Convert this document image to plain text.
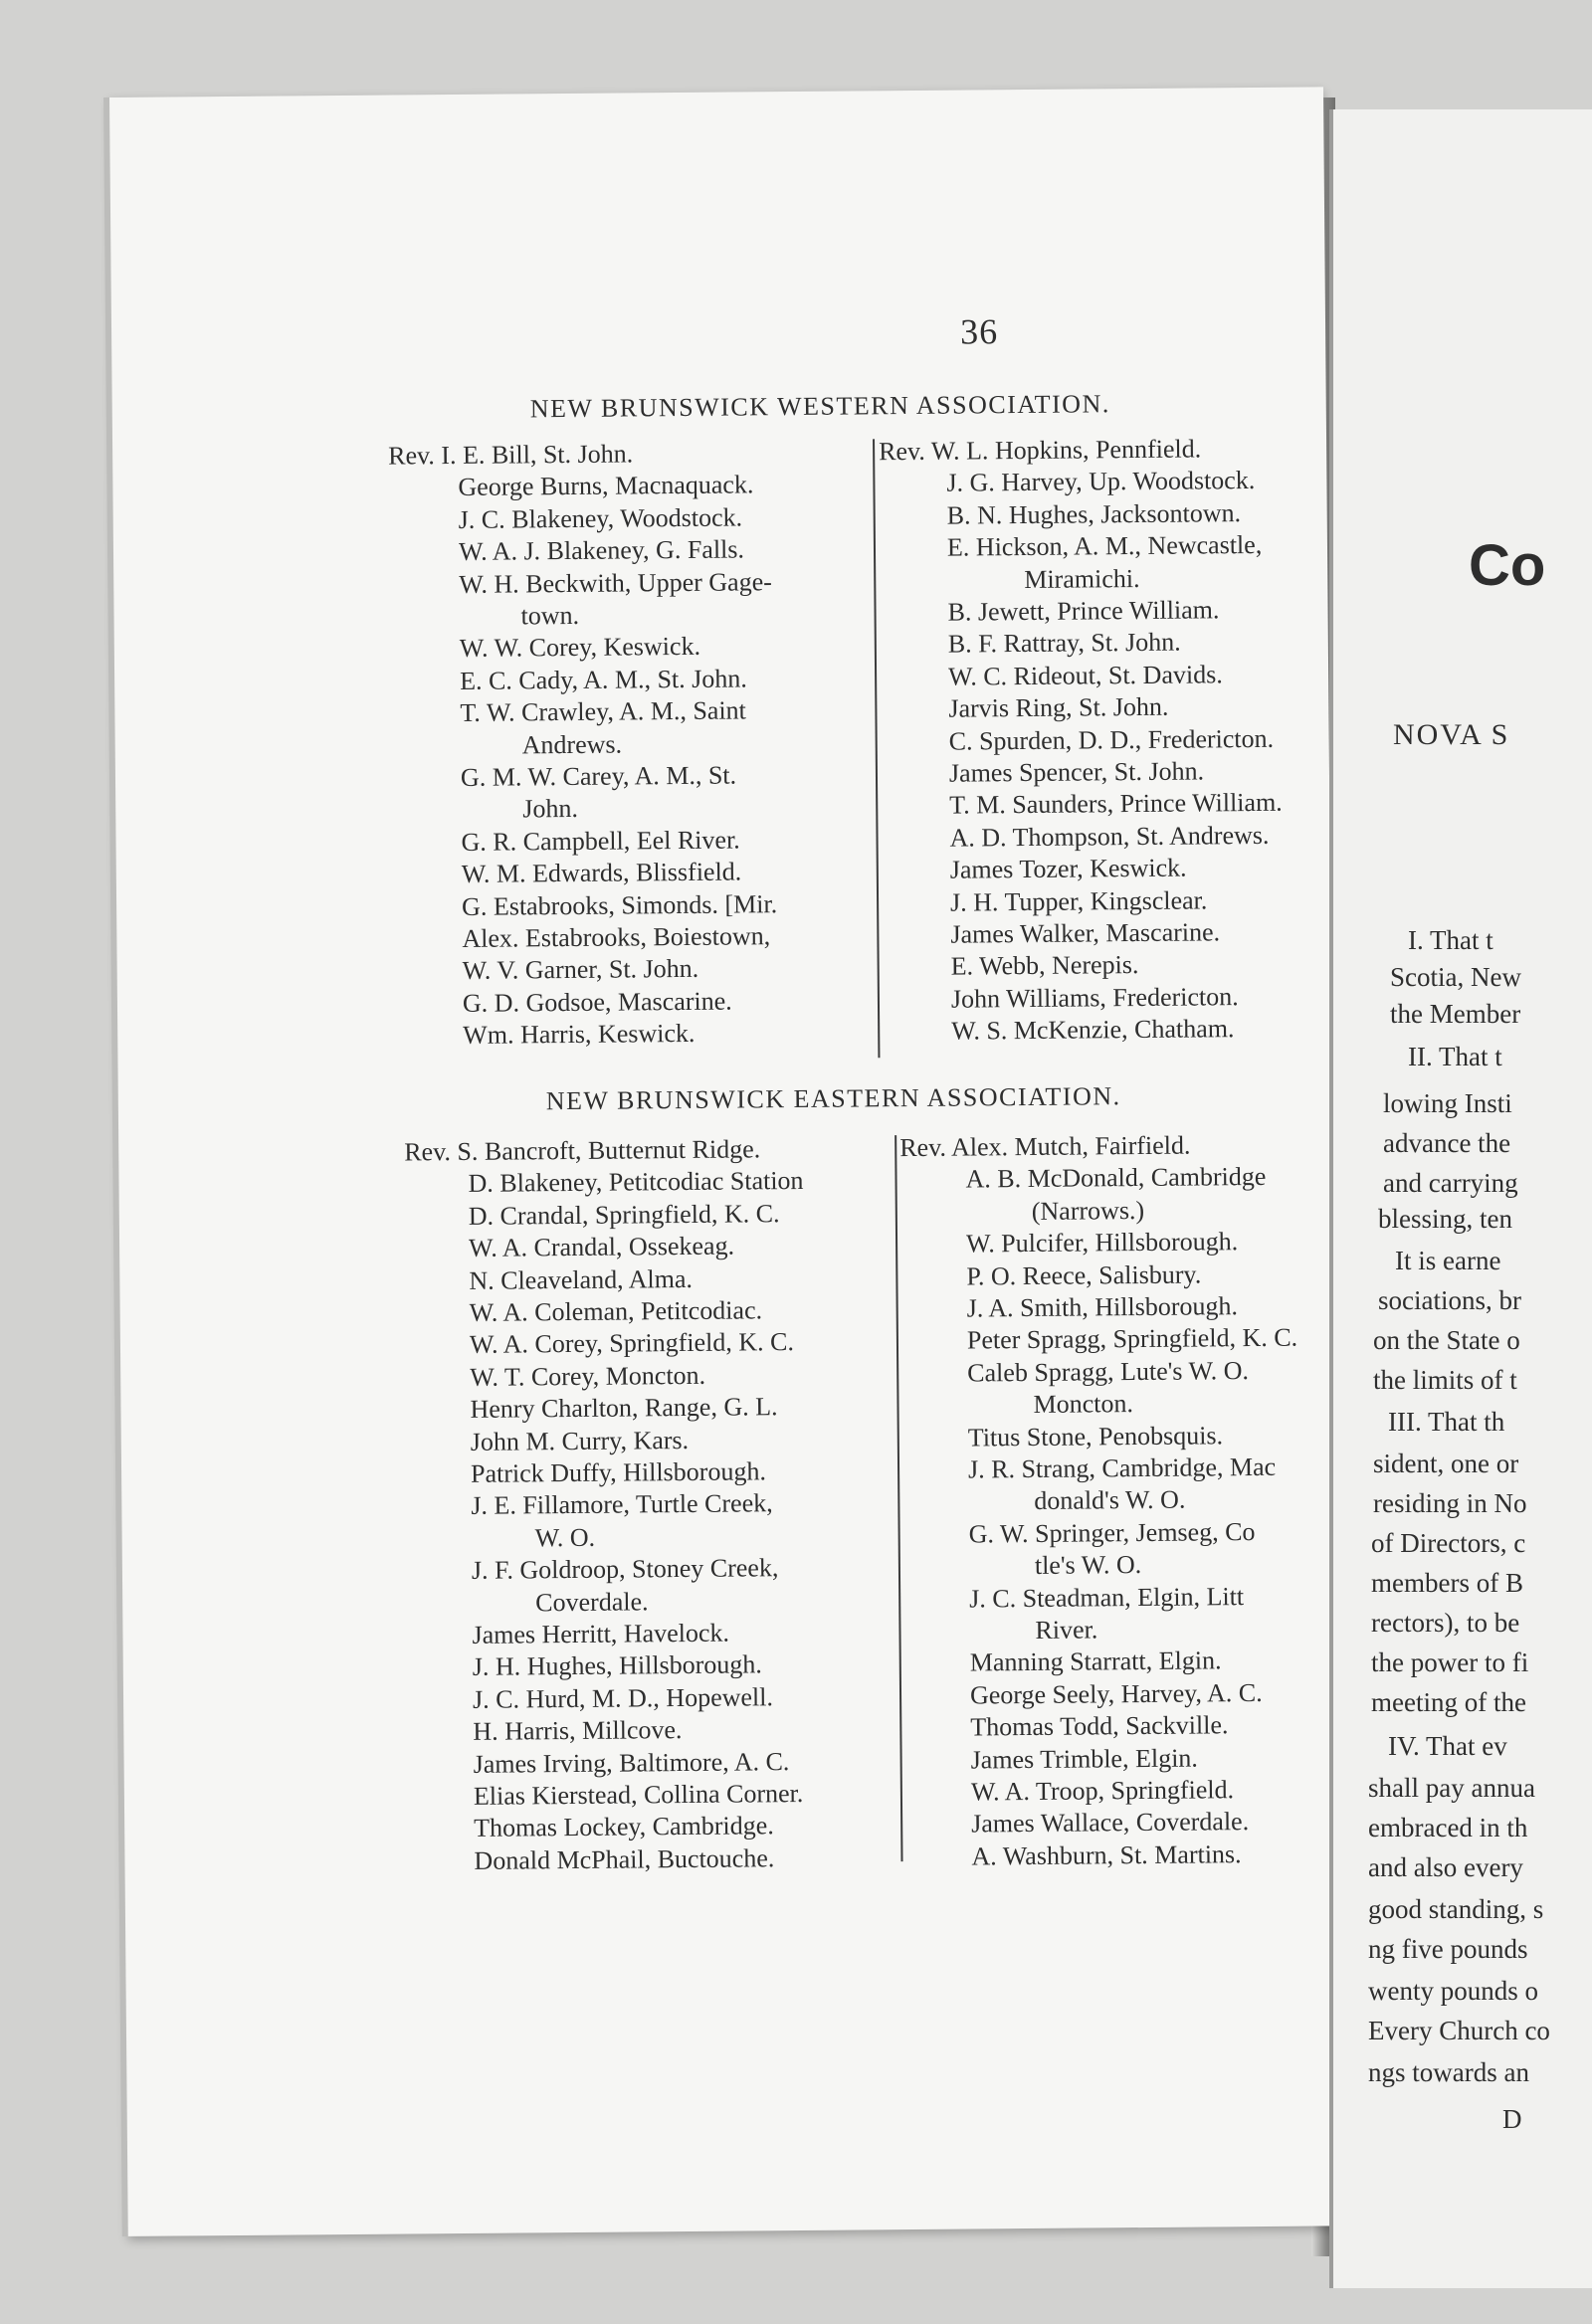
36
NEW BRUNSWICK WESTERN ASSOCIATION.
Rev. I. E. Bill, St. John.
George Burns, Macnaquack.
J. C. Blakeney, Woodstock.
W. A. J. Blakeney, G. Falls.
W. H. Beckwith, Upper Gage-
town.
W. W. Corey, Keswick.
E. C. Cady, A. M., St. John.
T. W. Crawley, A. M., Saint
Andrews.
G. M. W. Carey, A. M., St.
John.
G. R. Campbell, Eel River.
W. M. Edwards, Blissfield.
G. Estabrooks, Simonds. [Mir.
Alex. Estabrooks, Boiestown,
W. V. Garner, St. John.
G. D. Godsoe, Mascarine.
Wm. Harris, Keswick.
Rev. W. L. Hopkins, Pennfield.
J. G. Harvey, Up. Woodstock.
B. N. Hughes, Jacksontown.
E. Hickson, A. M., Newcastle,
Miramichi.
B. Jewett, Prince William.
B. F. Rattray, St. John.
W. C. Rideout, St. Davids.
Jarvis Ring, St. John.
C. Spurden, D. D., Fredericton.
James Spencer, St. John.
T. M. Saunders, Prince William.
A. D. Thompson, St. Andrews.
James Tozer, Keswick.
J. H. Tupper, Kingsclear.
James Walker, Mascarine.
E. Webb, Nerepis.
John Williams, Fredericton.
W. S. McKenzie, Chatham.
NEW BRUNSWICK EASTERN ASSOCIATION.
Rev. S. Bancroft, Butternut Ridge.
D. Blakeney, Petitcodiac Station
D. Crandal, Springfield, K. C.
W. A. Crandal, Ossekeag.
N. Cleaveland, Alma.
W. A. Coleman, Petitcodiac.
W. A. Corey, Springfield, K. C.
W. T. Corey, Moncton.
Henry Charlton, Range, G. L.
John M. Curry, Kars.
Patrick Duffy, Hillsborough.
J. E. Fillamore, Turtle Creek,
W. O.
J. F. Goldroop, Stoney Creek,
Coverdale.
James Herritt, Havelock.
J. H. Hughes, Hillsborough.
J. C. Hurd, M. D., Hopewell.
H. Harris, Millcove.
James Irving, Baltimore, A. C.
Elias Kierstead, Collina Corner.
Thomas Lockey, Cambridge.
Donald McPhail, Buctouche.
Rev. Alex. Mutch, Fairfield.
A. B. McDonald, Cambridge
(Narrows.)
W. Pulcifer, Hillsborough.
P. O. Reece, Salisbury.
J. A. Smith, Hillsborough.
Peter Spragg, Springfield, K. C.
Caleb Spragg, Lute's W. O.
Moncton.
Titus Stone, Penobsquis.
J. R. Strang, Cambridge, Mac
donald's W. O.
G. W. Springer, Jemseg, Co
tle's W. O.
J. C. Steadman, Elgin, Litt
River.
Manning Starratt, Elgin.
George Seely, Harvey, A. C.
Thomas Todd, Sackville.
James Trimble, Elgin.
W. A. Troop, Springfield.
James Wallace, Coverdale.
A. Washburn, St. Martins.
Co
NOVA S
I. That t
Scotia, New
the Member
II. That t
lowing Insti
advance the
and carrying
blessing, ten
It is earne
sociations, br
on the State o
the limits of t
III. That th
sident, one or
residing in No
of Directors, c
members of B
rectors), to be
the power to fi
meeting of the
IV. That ev
shall pay annua
embraced in th
and also every
good standing, s
ng five pounds
wenty pounds o
Every Church co
ngs towards an
D
